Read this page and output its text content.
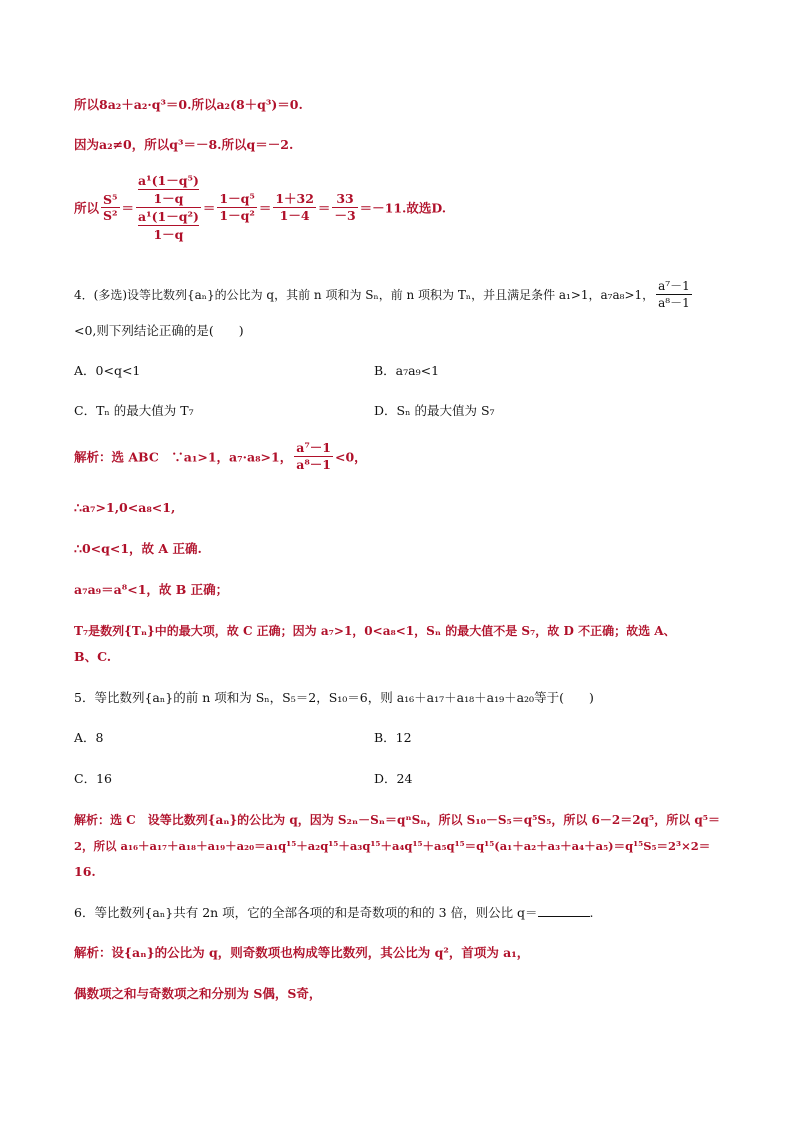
所以8a₂＋a₂·q³＝0.所以a₂(8＋q³)＝0.
因为a₂≠0，所以q³＝－8.所以q＝－2.
所以 $\frac{\text{S⁵}}{\text{S²}} = a^1(1-q^5)$
1－q
a¹(1－q²)
$1-q = \frac{\text{1－q⁵}}{\text{1－q²}} = \frac{1+32}{1-4} = \frac{33}{-3} =-11$.故选D.
4．(多选)设等比数列{aₙ}的公比为 q，其前 n 项和为 Sₙ，前 n 项积为 Tₙ，并且满足条件 a₁>1，a₇a₈>1， $\frac{\text{a⁷－1}}{\text{a⁸－1}}$
<0,则下列结论正确的是(　　)
A．0<q<1	B．a₇a₉<1
C．Tₙ 的最大值为 T₇	D．Sₙ 的最大值为 S₇
解析：选 ABC　∵a₁>1，a₇·a₈>1， $\frac{\text{a⁷－1}}{\text{a⁸－1}} <0$，
∴a₇>1,0<a₈<1,
∴0<q<1，故 A 正确.
a₇a₉＝a⁸<1，故 B 正确；
T₇是数列{Tₙ}中的最大项，故 C 正确；因为 a₇>1，0<a₈<1，Sₙ 的最大值不是 S₇，故 D 不正确；故选 A、
B、C.
5．等比数列{aₙ}的前 n 项和为 Sₙ，S₅＝2，S₁₀＝6，则 a₁₆＋a₁₇＋a₁₈＋a₁₉＋a₂₀等于(　　)
A．8	B．12
C．16	D．24
解析：选 C　设等比数列{aₙ}的公比为 q，因为 S₂ₙ－Sₙ＝qⁿSₙ，所以 S₁₀－S₅＝q⁵S₅，所以 6－2＝2q⁵，所以 q⁵＝
2，所以 a₁₆＋a₁₇＋a₁₈＋a₁₉＋a₂₀＝a₁q¹⁵＋a₂q¹⁵＋a₃q¹⁵＋a₄q¹⁵＋a₅q¹⁵＝q¹⁵(a₁＋a₂＋a₃＋a₄＋a₅)＝q¹⁵S₅＝2³×2＝
16.
6．等比数列{aₙ}共有 2n 项，它的全部各项的和是奇数项的和的 3 倍，则公比 q＝	.
解析：设{aₙ}的公比为 q，则奇数项也构成等比数列，其公比为 q²，首项为 a₁，
偶数项之和与奇数项之和分别为 S偶，S奇，
